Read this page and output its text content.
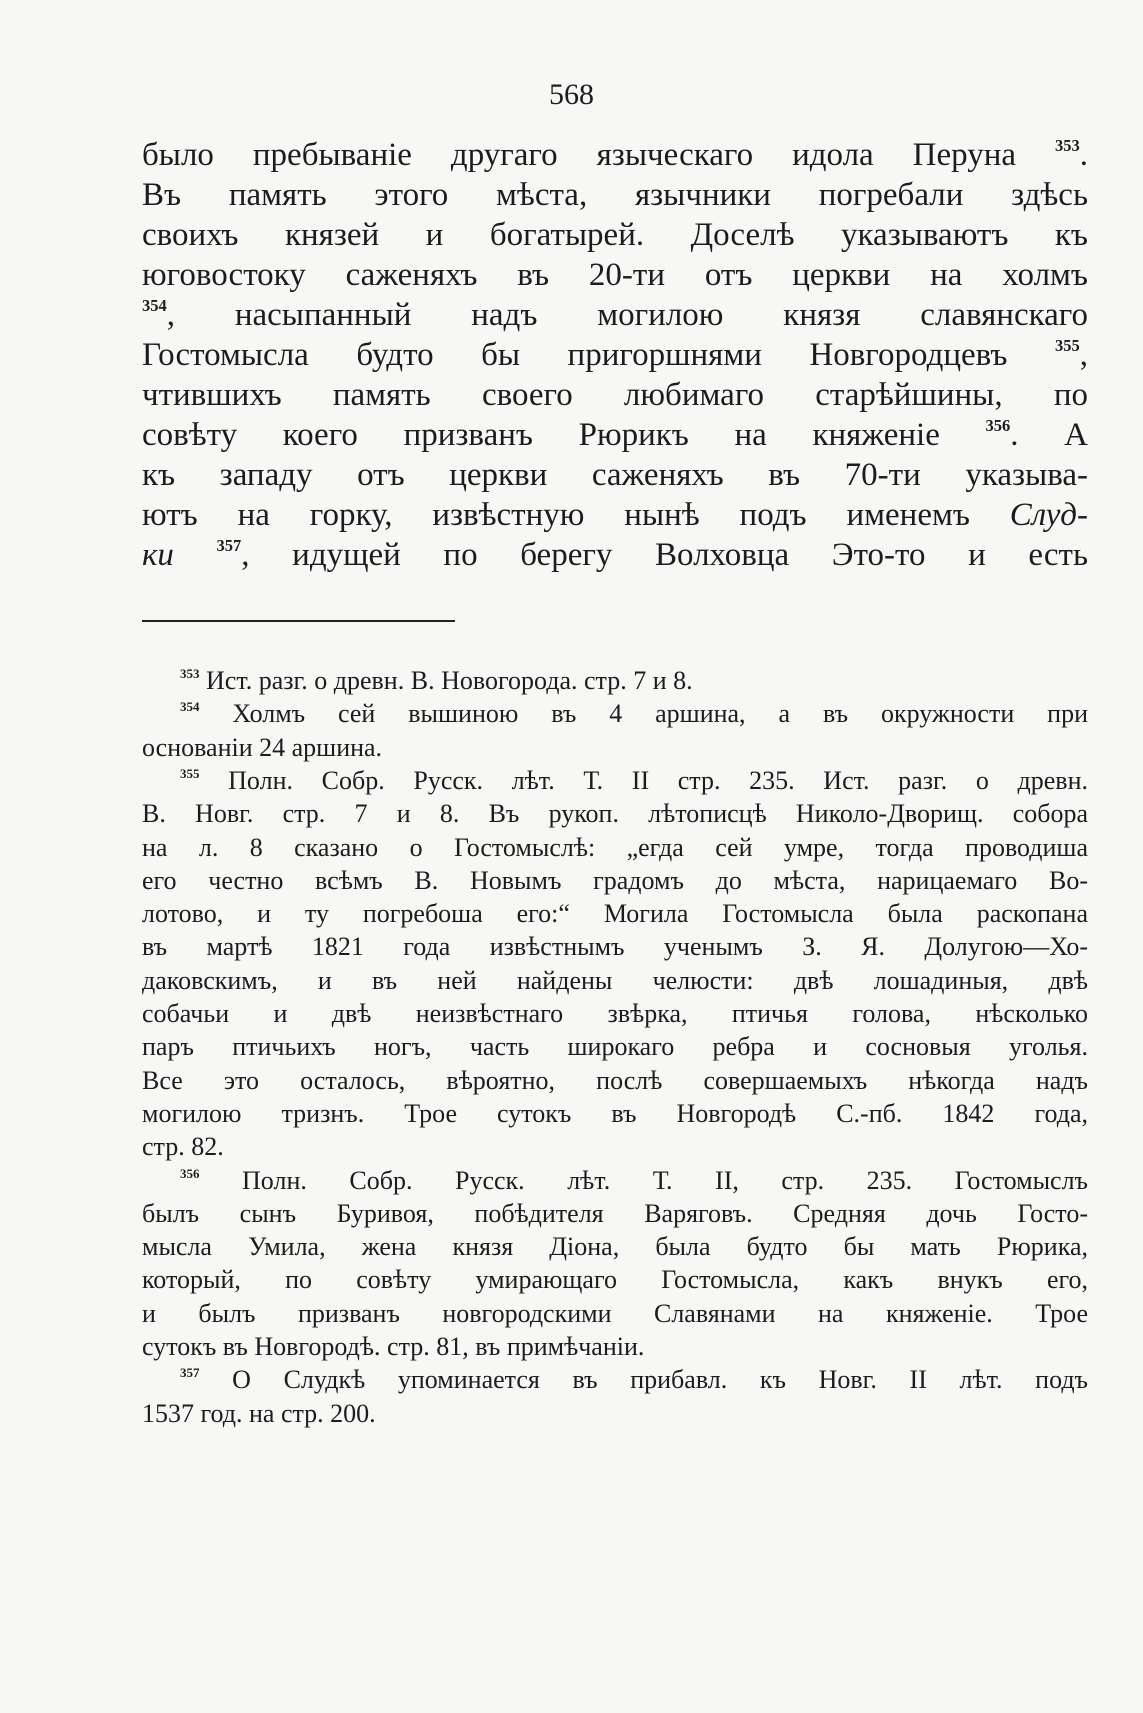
568
было пребыванiе другаго языческаго идола Перуна $^{353}$.
Въ память этого мѣста, язычники погребали здѣсь
своихъ князей и богатырей. Доселѣ указываютъ къ
юговостоку саженяхъ въ 20-ти отъ церкви на холмъ
$^{354}$, насыпанный надъ могилою князя славянскаго
Гостомысла будто бы пригоршнями Новгородцевъ $^{355}$,
чтившихъ память своего любимаго старѣйшины, по
совѣту коего призванъ Рюрикъ на княженiе $^{356}$. А
къ западу отъ церкви саженяхъ въ 70-ти указыва-
ютъ на горку, извѣстную нынѣ подъ именемъ Слуд-
ки	$^{357}$, идущей по берегу Волховца Это-то и есть
$^{353}$ Ист. разг. о древн. В. Новогорода. стр. 7 и 8.
$^{354}$ Холмъ сей вышиною въ 4 аршина, а въ окружности при
основанiи 24 аршина.
$^{355}$ Полн. Собр. Русск. лѣт. Т. II стр. 235. Ист. разг. о древн.
В. Новг. стр. 7 и 8. Въ рукоп. лѣтописцѣ Николо-Дворищ. собора
на л. 8 сказано о Гостомыслѣ: „егда сей умре, тогда проводиша
его честно всѣмъ В. Новымъ градомъ до мѣста, нарицаемаго Во-
лотово, и ту погребоша его:“ Могила Гостомысла была раскопана
въ мартѣ 1821 года извѣстнымъ ученымъ З. Я. Долугою—Хо-
даковскимъ, и въ ней найдены челюсти: двѣ лошадиныя, двѣ
собачьи и двѣ неизвѣстнаго звѣрка, птичья голова, нѣсколько
паръ птичьихъ ногъ, часть широкаго ребра и сосновыя уголья.
Все это осталось, вѣроятно, послѣ совершаемыхъ нѣкогда надъ
могилою тризнъ. Трое сутокъ въ Новгородѣ С.-пб. 1842 года,
стр. 82.
$^{356}$ Полн. Собр. Русск. лѣт. Т. II, стр. 235. Гостомыслъ
былъ сынъ Буривоя, побѣдителя Варяговъ. Средняя дочь Госто-
мысла Умила, жена князя Дiона, была будто бы мать Рюрика,
который, по совѣту умирающаго Гостомысла, какъ внукъ его,
и былъ призванъ новгородскими Славянами на княженiе. Трое
сутокъ въ Новгородѣ. стр. 81, въ примѣчанiи.
$^{357}$ О Слудкѣ упоминается въ прибавл. къ Новг. II лѣт. подъ
1537 год. на стр. 200.
